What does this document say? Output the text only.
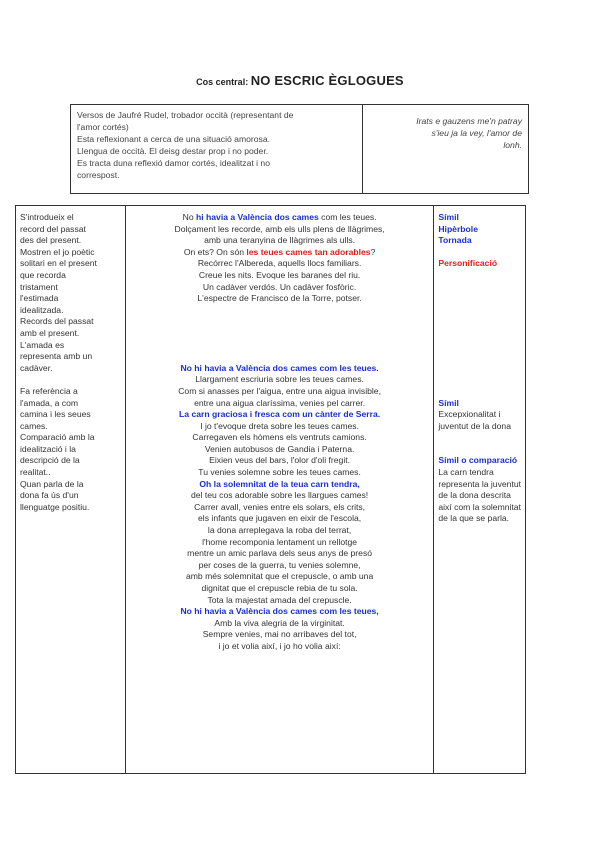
Cos central: NO ESCRIC ÈGLOGUES
Versos de Jaufré Rudel, trobador occità (representant de
l'amor cortés)
Esta reflexionant a cerca de una situació amorosa.
Llengua de occità. El deisg destar prop i no poder.
Es tracta duna reflexió damor cortés, idealitzat i no
correspost.
Irats e gauzens me'n patray
s'ieu ja la vey, l'amor de
lonh.
S'introdueix el
record del passat
des del present.
Mostren el jo poètic
solitari en el present
que recorda
tristament
l'estimada
idealitzada.
Records del passat
amb el present.
L'amada es
representa amb un
cadàver.
Fa referència a
l'amada, a com
camina i les seues
cames.
Comparació amb la
idealització i la
descripció de la
realitat..
Quan parla de la
dona fa ús d'un
llenguatge positiu.
No hi havia a València dos cames com les teues.
Dolçament les recorde, amb els ulls plens de llàgrimes,
amb una teranyina de llàgrimes als ulls.
On ets? On són les teues cames tan adorables?
Recórrec l'Albereda, aquells llocs familiars.
Creue les nits. Evoque les baranes del riu.
Un cadàver verdós. Un cadàver fosfòric.
L'espectre de Francisco de la Torre, potser.
No hi havia a València dos cames com les teues.
Llargament escriuria sobre les teues cames.
Com si anasses per l'aigua, entre una aigua invisible,
entre una aigua claríssima, venies pel carrer.
La carn graciosa i fresca com un cànter de Serra.
I jo t'evoque dreta sobre les teues cames.
Carregaven els hòmens els ventruts camions.
Venien autobusos de Gandia i Paterna.
Eixien veus del bars, l'olor d'oli fregit.
Tu venies solemne sobre les teues cames.
Oh la solemnitat de la teua carn tendra,
del teu cos adorable sobre les llargues cames!
Carrer avall, venies entre els solars, els crits,
els infants que jugaven en eixir de l'escola,
la dona arreplegava la roba del terrat,
l'home recomponia lentament un rellotge
mentre un amic parlava dels seus anys de presó
per coses de la guerra, tu venies solemne,
amb més solemnitat que el crepuscle, o amb una
dignitat que el crepuscle rebia de tu sola.
Tota la majestat amada del crepuscle.
No hi havia a València dos cames com les teues,
Amb la viva alegria de la virginitat.
Sempre venies, mai no arribaves del tot,
i jo et volia així, i jo ho volia així:
Símil
Hipèrbole
Tornada
Personificació
Símil
Excepxionalitat i
juventut de la dona
Símil o comparació
La carn tendra
representa la juventut
de la dona descrita
així com la solemnitat
de la que se parla.
